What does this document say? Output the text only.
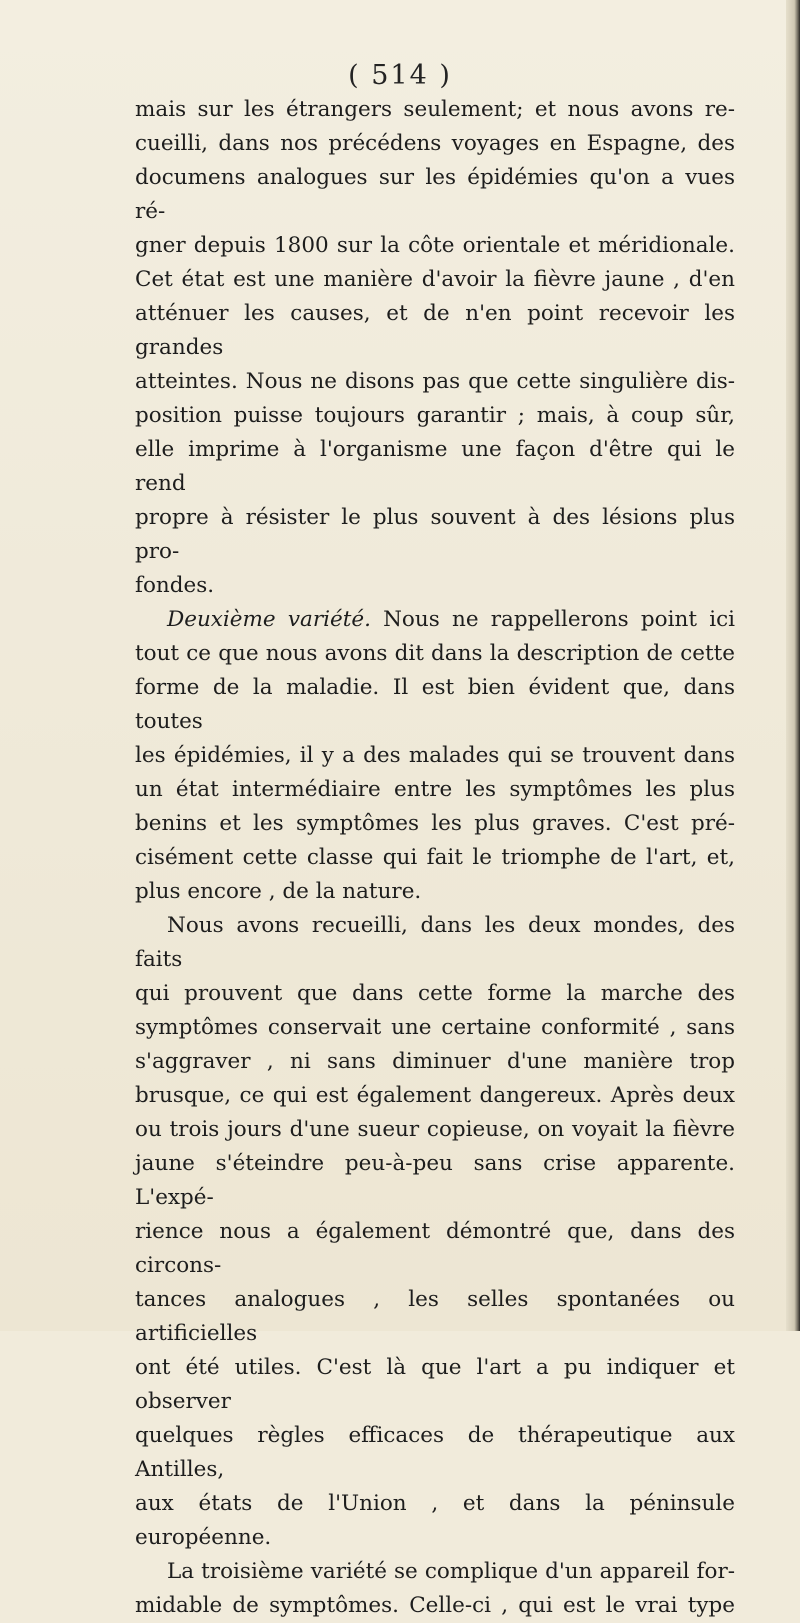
( 514 )

mais sur les étrangers seulement; et nous avons re-

cueilli, dans nos précédens voyages en Espagne, des

documens analogues sur les épidémies qu'on a vues ré-

gner depuis 1800 sur la côte orientale et méridionale.

Cet état est une manière d'avoir la fièvre jaune , d'en

atténuer les causes, et de n'en point recevoir les grandes

atteintes. Nous ne disons pas que cette singulière dis-

position puisse toujours garantir ; mais, à coup sûr,

elle imprime à l'organisme une façon d'être qui le rend

propre à résister le plus souvent à des lésions plus pro-

fondes.

Deuxième variété. Nous ne rappellerons point ici

tout ce que nous avons dit dans la description de cette

forme de la maladie. Il est bien évident que, dans toutes

les épidémies, il y a des malades qui se trouvent dans

un état intermédiaire entre les symptômes les plus

benins et les symptômes les plus graves. C'est pré-

cisément cette classe qui fait le triomphe de l'art, et,

plus encore , de la nature.

Nous avons recueilli, dans les deux mondes, des faits

qui prouvent que dans cette forme la marche des

symptômes conservait une certaine conformité , sans

s'aggraver , ni sans diminuer d'une manière trop

brusque, ce qui est également dangereux. Après deux

ou trois jours d'une sueur copieuse, on voyait la fièvre

jaune s'éteindre peu-à-peu sans crise apparente. L'expé-

rience nous a également démontré que, dans des circons-

tances analogues , les selles spontanées ou artificielles

ont été utiles. C'est là que l'art a pu indiquer et observer

quelques règles efficaces de thérapeutique aux Antilles,

aux états de l'Union , et dans la péninsule européenne.

La troisième variété se complique d'un appareil for-

midable de symptômes. Celle-ci , qui est le vrai type
